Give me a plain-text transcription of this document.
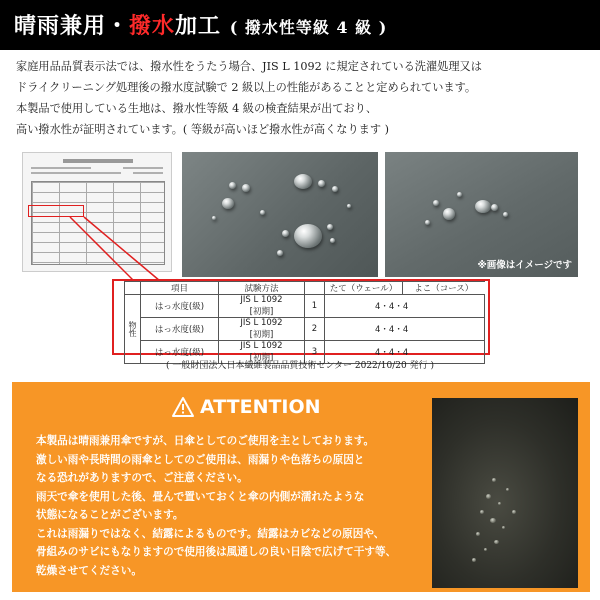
晴雨兼用・撥水加工 ( 撥水性等級 4 級 )

家庭用品品質表示法では、撥水性をうたう場合、JIS L 1092 に規定されている洗濯処理又は

ドライクリーニング処理後の撥水度試験で 2 級以上の性能があることと定められています。

本製品で使用している生地は、撥水性等級 4 級の検査結果が出ており、

高い撥水性が証明されています。( 等級が高いほど撥水性が高くなります )

※画像はイメージです
	項目	試験方法		たて（ウェール）	よこ（コース）
物性	はっ水度(級)	JIS L 1092
[初期]	1	4・4・4	
	はっ水度(級)	JIS L 1092
[初期]	2	4・4・4	
	はっ水度(級)	JIS L 1092
[初期]	3	4・4・4	
( 一般財団法人日本繊維製品品質技術センター 2022/10/20 発行 )
ATTENTION

本製品は晴雨兼用傘ですが、日傘としてのご使用を主としております。

激しい雨や長時間の雨傘としてのご使用は、雨漏りや色落ちの原因と

なる恐れがありますので、ご注意ください。

雨天で傘を使用した後、畳んで置いておくと傘の内側が濡れたような

状態になることがございます。

これは雨漏りではなく、結露によるものです。結露はカビなどの原因や、

骨組みのサビにもなりますので使用後は風通しの良い日陰で広げて干す等、

乾燥させてください。
